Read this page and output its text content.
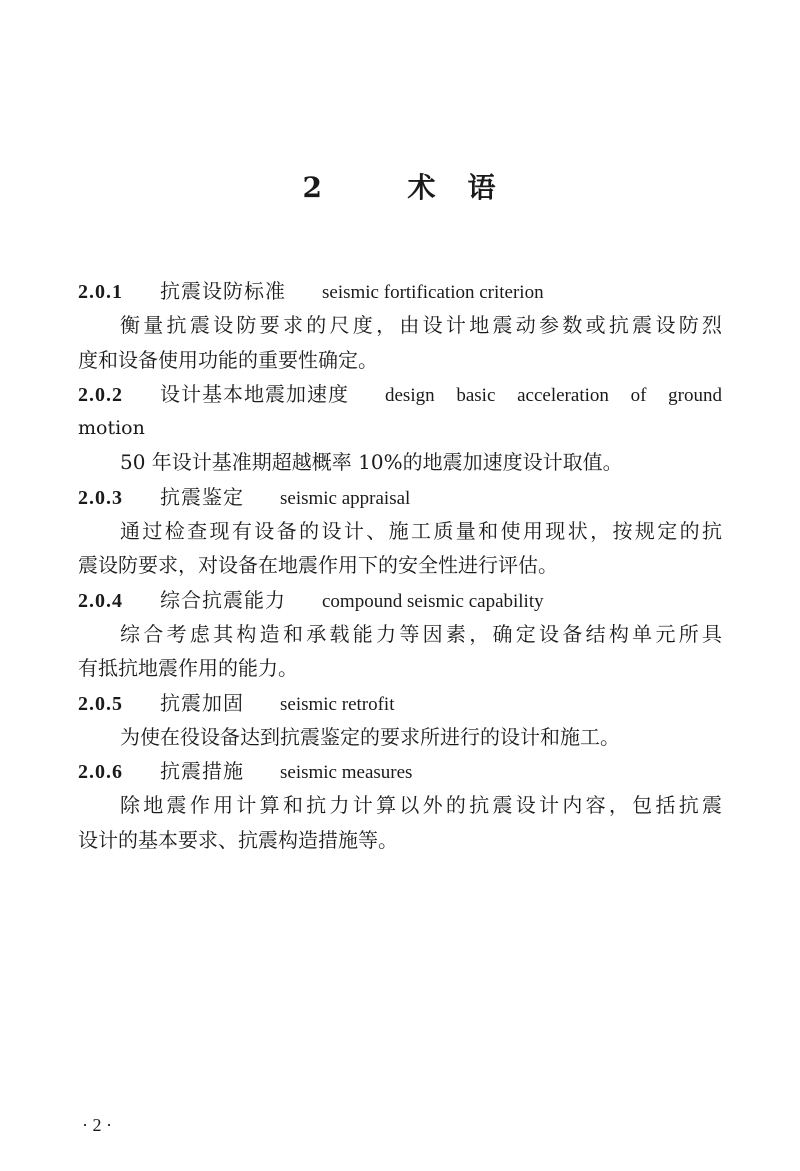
2	术　语
2.0.1 抗震设防标准 seismic fortification criterion
衡量抗震设防要求的尺度，由设计地震动参数或抗震设防烈
度和设备使用功能的重要性确定。
2.0.2 设计基本地震加速度 design basic acceleration of ground
motion
50 年设计基准期超越概率 10%的地震加速度设计取值。
2.0.3 抗震鉴定 seismic appraisal
通过检查现有设备的设计、施工质量和使用现状，按规定的抗
震设防要求，对设备在地震作用下的安全性进行评估。
2.0.4 综合抗震能力 compound seismic capability
综合考虑其构造和承载能力等因素，确定设备结构单元所具
有抵抗地震作用的能力。
2.0.5 抗震加固 seismic retrofit
为使在役设备达到抗震鉴定的要求所进行的设计和施工。
2.0.6 抗震措施 seismic measures
除地震作用计算和抗力计算以外的抗震设计内容，包括抗震
设计的基本要求、抗震构造措施等。
· 2 ·
